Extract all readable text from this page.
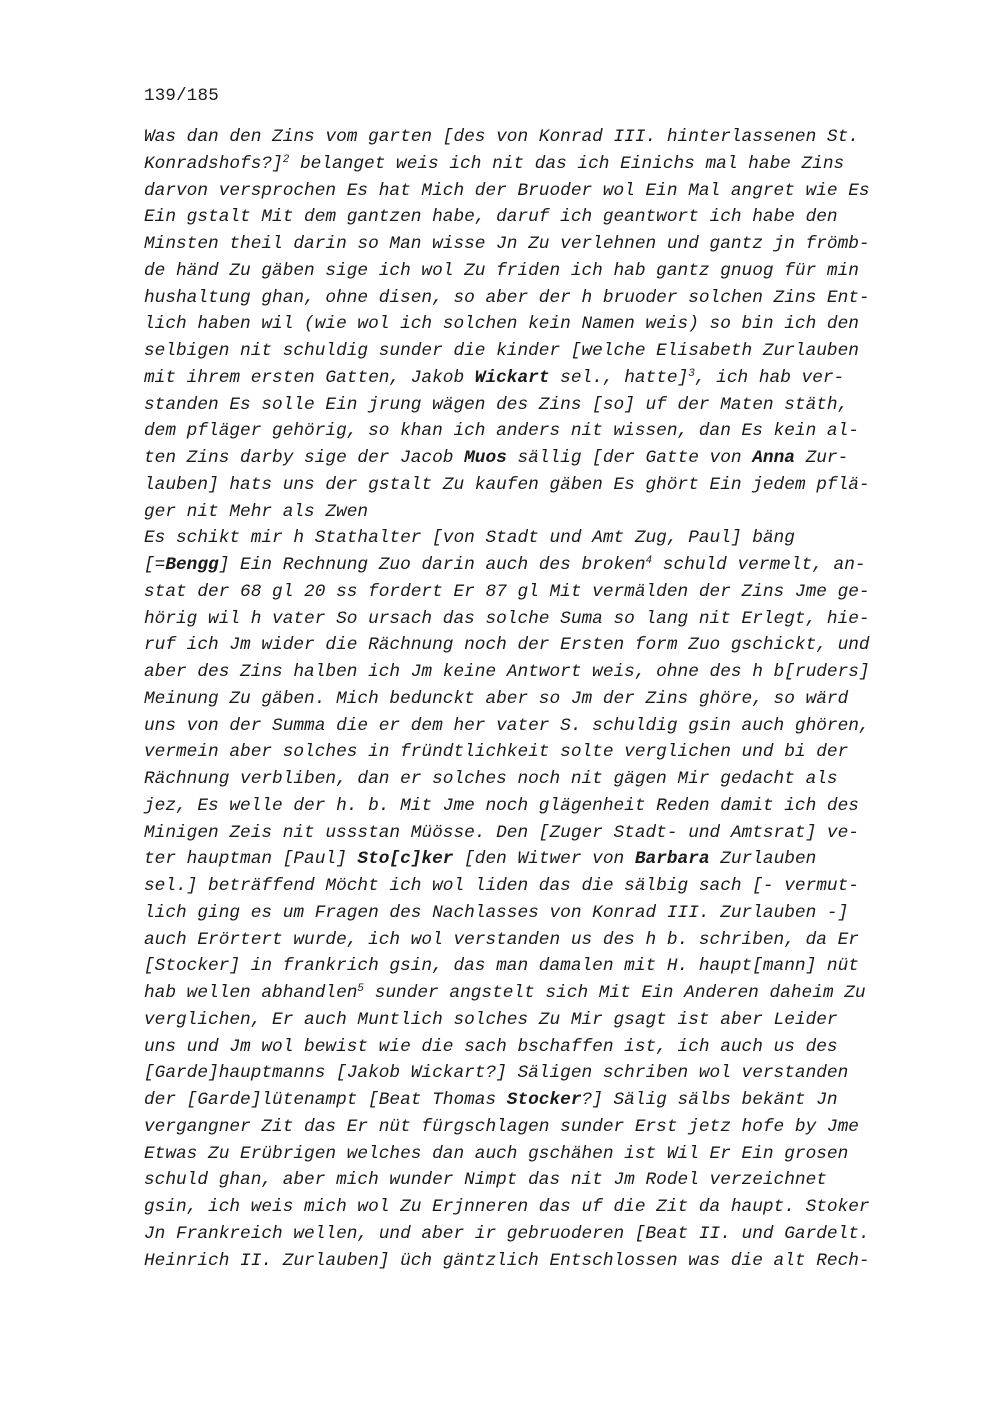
139/185
Was dan den Zins vom garten [des von Konrad III. hinterlassenen St.
Konradshofs?]$^2$ belanget weis ich nit das ich Einichs mal habe Zins
darvon versprochen Es hat Mich der Bruoder wol Ein Mal angret wie Es
Ein gstalt Mit dem gantzen habe, daruf ich geantwort ich habe den
Minsten theil darin so Man wisse Jn Zu verlehnen und gantz jn frömb-
de händ Zu gäben sige ich wol Zu friden ich hab gantz gnuog für min
hushaltung ghan, ohne disen, so aber der h bruoder solchen Zins Ent-
lich haben wil (wie wol ich solchen kein Namen weis) so bin ich den
selbigen nit schuldig sunder die kinder [welche Elisabeth Zurlauben
mit ihrem ersten Gatten, Jakob Wickart sel., hatte]$^3$, ich hab ver-
standen Es solle Ein jrung wägen des Zins [so] uf der Maten stäth,
dem pfläger gehörig, so khan ich anders nit wissen, dan Es kein al-
ten Zins darby sige der Jacob Muos sällig [der Gatte von Anna Zur-
lauben] hats uns der gstalt Zu kaufen gäben Es ghört Ein jedem pflä-
ger nit Mehr als Zwen
Es schikt mir h Stathalter [von Stadt und Amt Zug, Paul] bäng
[=Bengg] Ein Rechnung Zuo darin auch des broken$^4$ schuld vermelt, an-
stat der 68 gl 20 ss fordert Er 87 gl Mit vermälden der Zins Jme ge-
hörig wil h vater So ursach das solche Suma so lang nit Erlegt, hie-
ruf ich Jm wider die Rächnung noch der Ersten form Zuo gschickt, und
aber des Zins halben ich Jm keine Antwort weis, ohne des h b[ruders]
Meinung Zu gäben. Mich bedunckt aber so Jm der Zins ghöre, so wärd
uns von der Summa die er dem her vater S. schuldig gsin auch ghören,
vermein aber solches in fründtlichkeit solte verglichen und bi der
Rächnung verbliben, dan er solches noch nit gägen Mir gedacht als
jez, Es welle der h. b. Mit Jme noch glägenheit Reden damit ich des
Minigen Zeis nit ussstan Müösse. Den [Zuger Stadt- und Amtsrat] ve-
ter hauptman [Paul] Sto[c]ker [den Witwer von Barbara Zurlauben
sel.] beträffend Möcht ich wol liden das die sälbig sach [- vermut-
lich ging es um Fragen des Nachlasses von Konrad III. Zurlauben -]
auch Erörtert wurde, ich wol verstanden us des h b. schriben, da Er
[Stocker] in frankrich gsin, das man damalen mit H. haupt[mann] nüt
hab wellen abhandlen$^5$ sunder angstelt sich Mit Ein Anderen daheim Zu
verglichen, Er auch Muntlich solches Zu Mir gsagt ist aber Leider
uns und Jm wol bewist wie die sach bschaffen ist, ich auch us des
[Garde]hauptmanns [Jakob Wickart?] Säligen schriben wol verstanden
der [Garde]lütenampt [Beat Thomas Stocker?] Sälig sälbs bekänt Jn
vergangner Zit das Er nüt fürgschlagen sunder Erst jetz hofe by Jme
Etwas Zu Erübrigen welches dan auch gschähen ist Wil Er Ein grosen
schuld ghan, aber mich wunder Nimpt das nit Jm Rodel verzeichnet
gsin, ich weis mich wol Zu Erjnneren das uf die Zit da haupt. Stoker
Jn Frankreich wellen, und aber ir gebruoderen [Beat II. und Gardelt.
Heinrich II. Zurlauben] üch gäntzlich Entschlossen was die alt Rech-
